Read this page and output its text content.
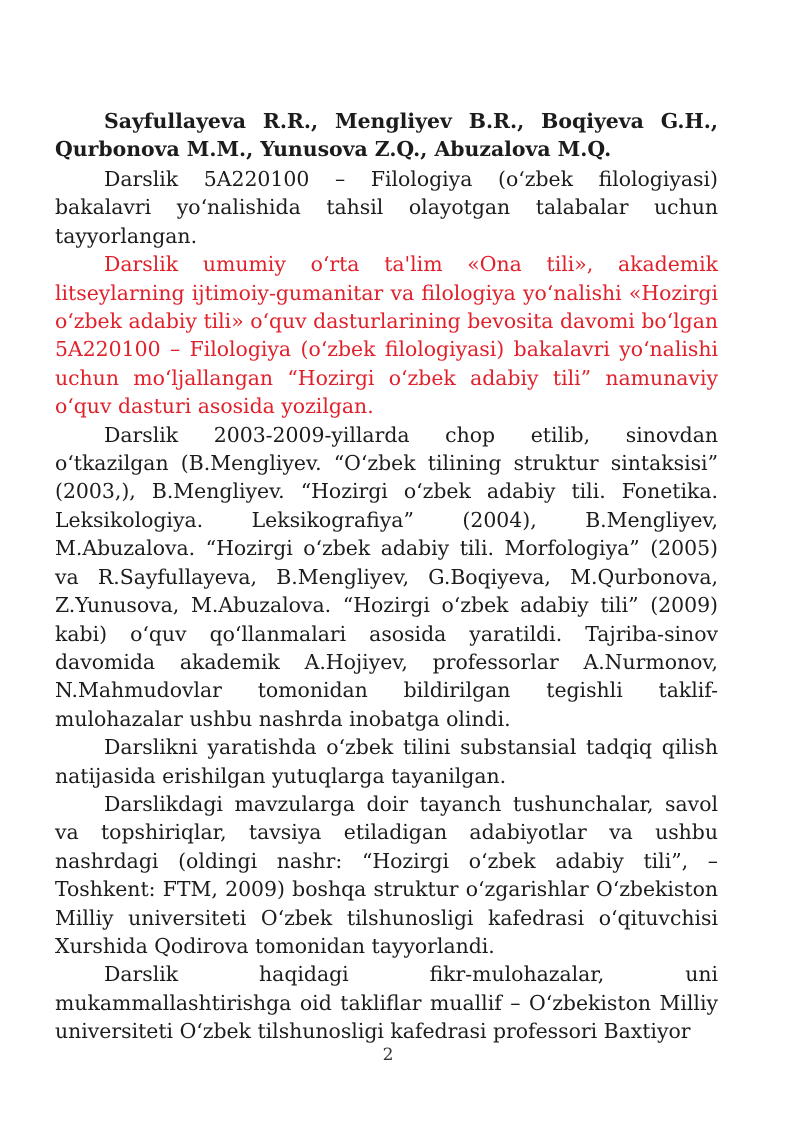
Sayfullayeva R.R., Mengliyev B.R., Boqiyeva G.H., Qurbonova M.M., Yunusova Z.Q., Abuzalova M.Q.

Darslik 5A220100 – Filologiya (o‘zbek filologiyasi) bakalavri yo‘nalishida tahsil olayotgan talabalar uchun tayyorlangan.

Darslik umumiy o‘rta ta'lim «Ona tili», akademik litseylarning ijtimoiy-gumanitar va filologiya yo‘nalishi «Hozirgi o‘zbek adabiy tili» o‘quv dasturlarining bevosita davomi bo‘lgan 5A220100 – Filologiya (o‘zbek filologiyasi) bakalavri yo‘nalishi uchun mo‘ljallangan “Hozirgi o‘zbek adabiy tili” namunaviy o‘quv dasturi asosida yozilgan.

Darslik 2003-2009-yillarda chop etilib, sinovdan o‘tkazilgan (B.Mengliyev. “O‘zbek tilining struktur sintaksisi” (2003,), B.Mengliyev. “Hozirgi o‘zbek adabiy tili. Fonetika. Leksikologiya. Leksikografiya” (2004), B.Mengliyev, M.Abuzalova. “Hozirgi o‘zbek adabiy tili. Morfologiya” (2005) va R.Sayfullayeva, B.Mengliyev, G.Boqiyeva, M.Qurbonova, Z.Yunusova, M.Abuzalova. “Hozirgi o‘zbek adabiy tili” (2009) kabi) o‘quv qo‘llanmalari asosida yaratildi. Tajriba-sinov davomida akademik A.Hojiyev, professorlar A.Nurmonov, N.Mahmudovlar tomonidan bildirilgan tegishli taklif-mulohazalar ushbu nashrda inobatga olindi.

Darslikni yaratishda o‘zbek tilini substansial tadqiq qilish natijasida erishilgan yutuqlarga tayanilgan.

Darslikdagi mavzularga doir tayanch tushunchalar, savol va topshiriqlar, tavsiya etiladigan adabiyotlar va ushbu nashrdagi (oldingi nashr: “Hozirgi o‘zbek adabiy tili”, – Toshkent: FTM, 2009) boshqa struktur o‘zgarishlar O‘zbekiston Milliy universiteti O‘zbek tilshunosligi kafedrasi o‘qituvchisi Xurshida Qodirova tomonidan tayyorlandi.

Darslik haqidagi fikr-mulohazalar, uni mukammallashtirishga oid takliflar muallif – O‘zbekiston Milliy universiteti O‘zbek tilshunosligi kafedrasi professori Baxtiyor

2
